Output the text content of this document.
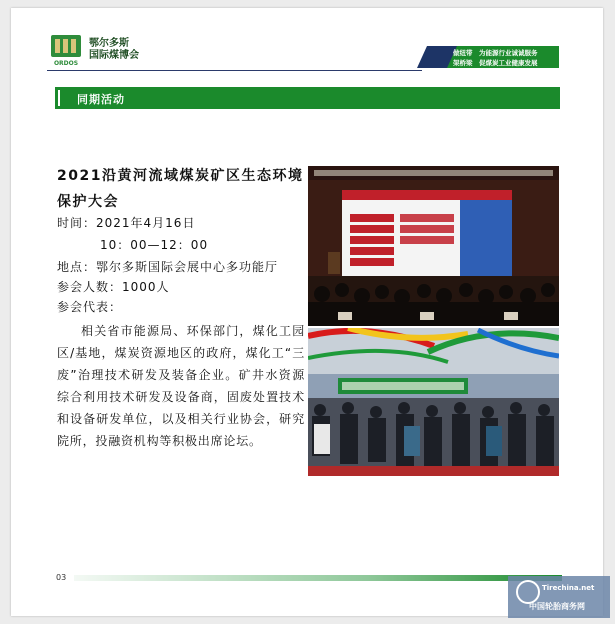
ORDOS
鄂尔多斯
国际煤博会	做纽带　为能源行业诚诚服务
架桥梁　促煤炭工业健康发展
同期活动
2021沿黄河流域煤炭矿区生态环境保护大会
时间：2021年4月16日
10：00—12：00
地点：鄂尔多斯国际会展中心多功能厅
参会人数：1000人
参会代表：
相关省市能源局、环保部门，煤化工园区/基地，煤炭资源地区的政府，煤化工“三废”治理技术研发及装备企业。矿井水资源综合利用技术研发及设备商，固废处置技术和设备研发单位，以及相关行业协会，研究院所，投融资机构等积极出席论坛。
03
Tirechina.net
中国轮胎商务网
